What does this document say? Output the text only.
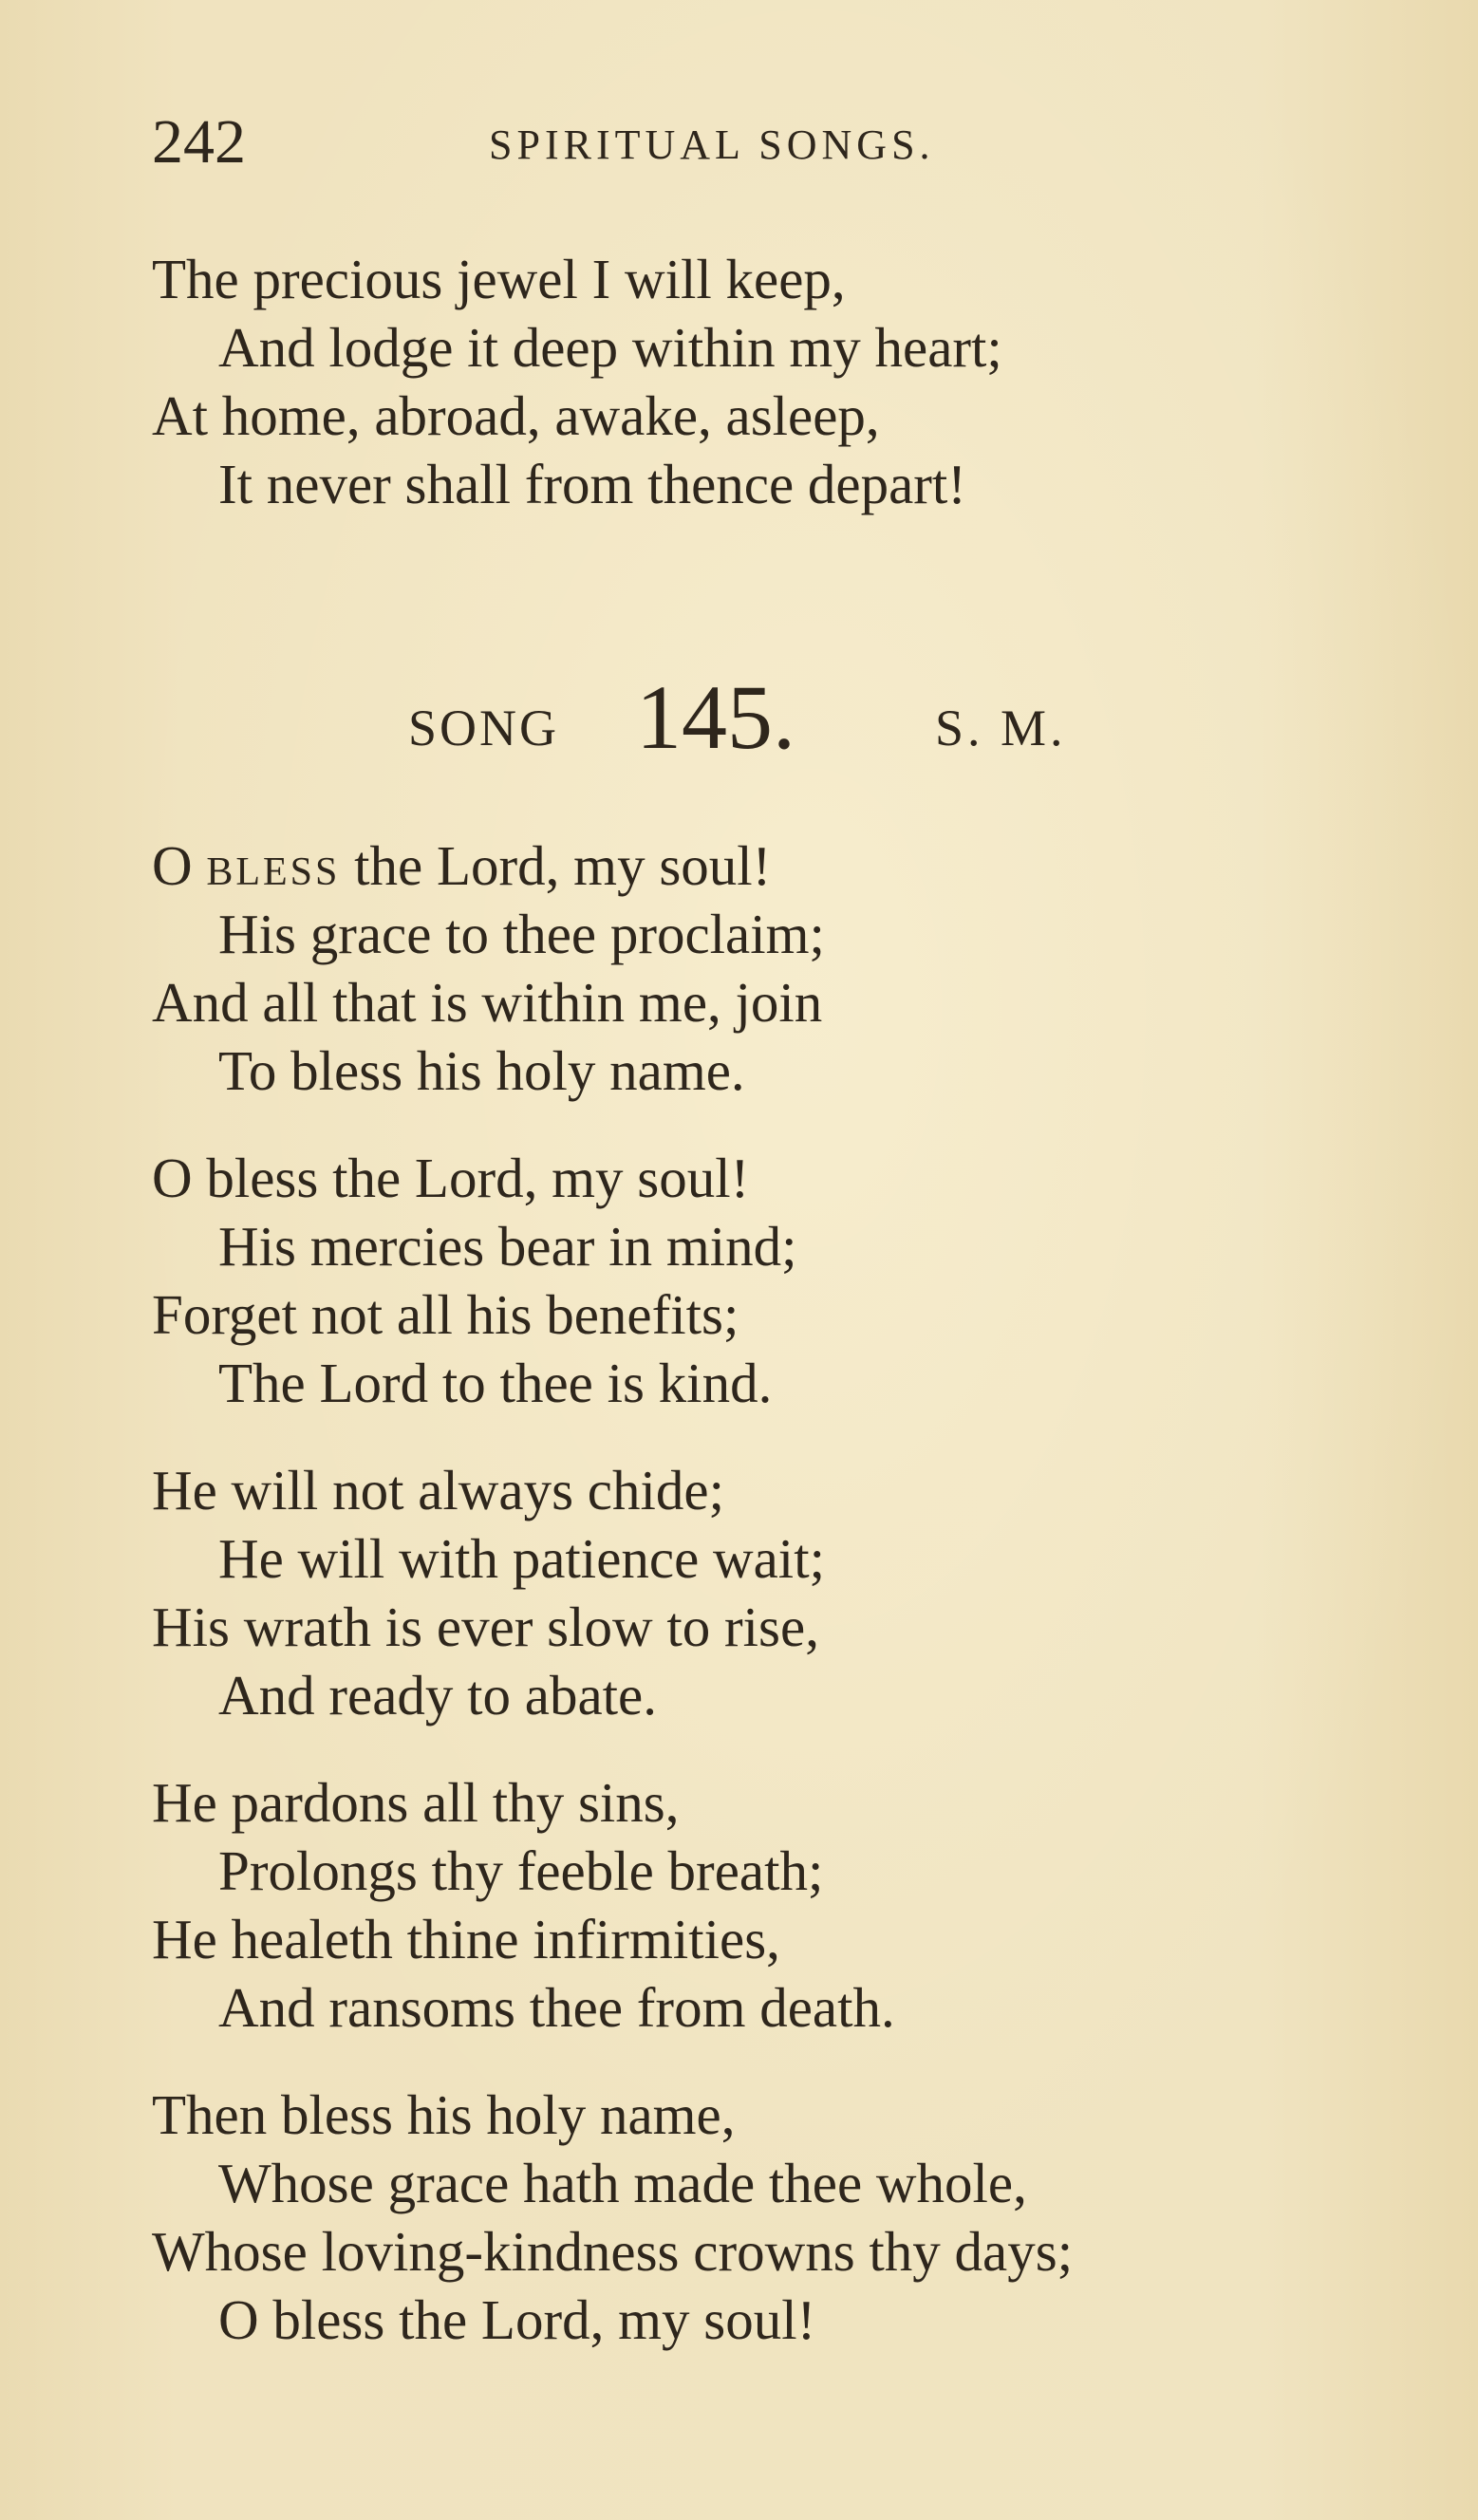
242	SPIRITUAL SONGS.
The precious jewel I will keep,
And lodge it deep within my heart;
At home, abroad, awake, asleep,
It never shall from thence depart!
SONG 145.	S. M.
O BLESS the Lord, my soul!
His grace to thee proclaim;
And all that is within me, join
To bless his holy name.
O bless the Lord, my soul!
His mercies bear in mind;
Forget not all his benefits;
The Lord to thee is kind.
He will not always chide;
He will with patience wait;
His wrath is ever slow to rise,
And ready to abate.
He pardons all thy sins,
Prolongs thy feeble breath;
He healeth thine infirmities,
And ransoms thee from death.
Then bless his holy name,
Whose grace hath made thee whole,
Whose loving-kindness crowns thy days;
O bless the Lord, my soul!
